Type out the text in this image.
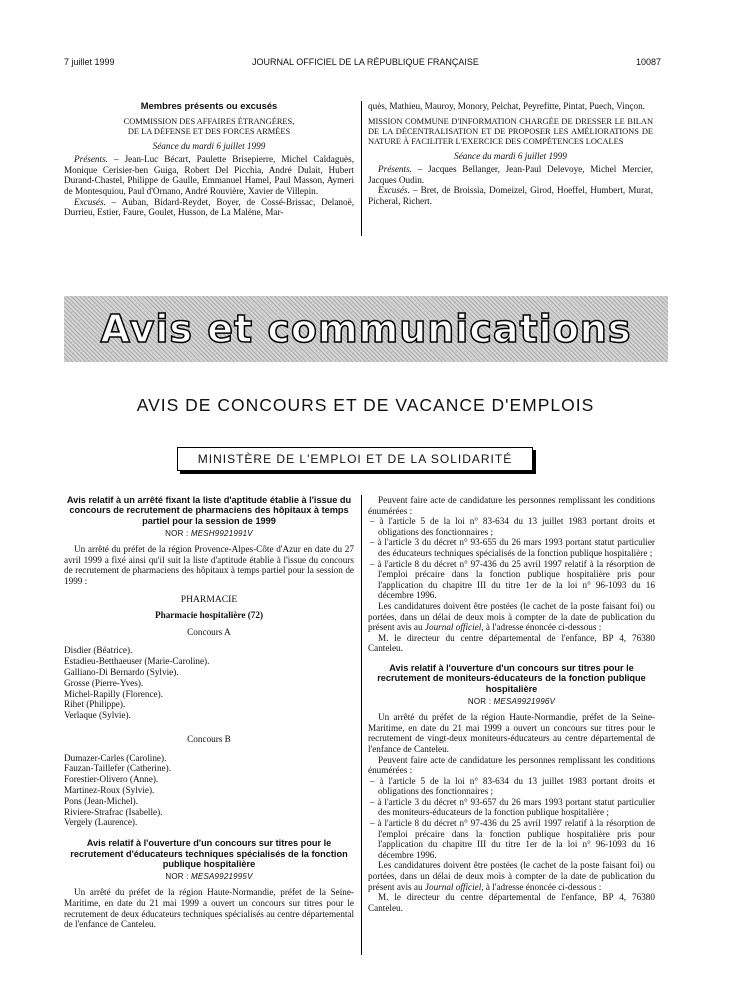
7 juillet 1999	JOURNAL OFFICIEL DE LA RÉPUBLIQUE FRANÇAISE	10087

Membres présents ou excusés

COMMISSION DES AFFAIRES ÉTRANGÈRES,

DE LA DÉFENSE ET DES FORCES ARMÉES

Séance du mardi 6 juillet 1999

Présents. – Jean-Luc Bécart, Paulette Brisepierre, Michel Caldaguès, Monique Cerisier-ben Guiga, Robert Del Picchia, André Dulait, Hubert Durand-Chastel, Philippe de Gaulle, Emmanuel Hamel, Paul Masson, Aymeri de Montesquiou, Paul d'Ornano, André Rouvière, Xavier de Villepin.

Excusés. – Auban, Bidard-Reydet, Boyer, de Cossé-Brissac, Delanoë, Durrieu, Estier, Faure, Goulet, Husson, de La Malène, Mar-

quès, Mathieu, Mauroy, Monory, Pelchat, Peyrefitte, Pintat, Puech, Vinçon.

MISSION COMMUNE D'INFORMATION CHARGÉE DE DRESSER LE BILAN DE LA DÉCENTRALISATION ET DE PROPOSER LES AMÉLIORATIONS DE NATURE À FACILITER L'EXERCICE DES COMPÉTENCES LOCALES

Séance du mardi 6 juillet 1999

Présents. – Jacques Bellanger, Jean-Paul Delevoye, Michel Mercier, Jacques Oudin.

Excusés. – Bret, de Broissia, Domeizel, Girod, Hoeffel, Humbert, Murat, Picheral, Richert.

Avis et communications
AVIS DE CONCOURS ET DE VACANCE D'EMPLOIS
MINISTÈRE DE L'EMPLOI ET DE LA SOLIDARITÉ

Avis relatif à un arrêté fixant la liste d'aptitude établie à l'issue du concours de recrutement de pharmaciens des hôpitaux à temps partiel pour la session de 1999

NOR : MESH9921991V

Un arrêté du préfet de la région Provence-Alpes-Côte d'Azur en date du 27 avril 1999 a fixé ainsi qu'il suit la liste d'aptitude établie à l'issue du concours de recrutement de pharmaciens des hôpitaux à temps partiel pour la session de 1999 :

PHARMACIE

Pharmacie hospitalière (72)

Concours A

Disdier (Béatrice).

Estadieu-Betthaeuser (Marie-Caroline).

Galliano-Di Bernardo (Sylvie).

Grosse (Pierre-Yves).

Michel-Rapilly (Florence).

Rihet (Philippe).

Verlaque (Sylvie).

Concours B

Dumazer-Carles (Caroline).

Fauzan-Taillefer (Catherine).

Forestier-Olivero (Anne).

Martinez-Roux (Sylvie).

Pons (Jean-Michel).

Riviere-Strafrac (Isabelle).

Vergely (Laurence).

Avis relatif à l'ouverture d'un concours sur titres pour le recrutement d'éducateurs techniques spécialisés de la fonction publique hospitalière

NOR : MESA9921995V

Un arrêté du préfet de la région Haute-Normandie, préfet de la Seine-Maritime, en date du 21 mai 1999 a ouvert un concours sur titres pour le recrutement de deux éducateurs techniques spécialisés au centre départemental de l'enfance de Canteleu.

Peuvent faire acte de candidature les personnes remplissant les conditions énumérées :

– à l'article 5 de la loi n° 83-634 du 13 juillet 1983 portant droits et obligations des fonctionnaires ;

– à l'article 3 du décret n° 93-655 du 26 mars 1993 portant statut particulier des éducateurs techniques spécialisés de la fonction publique hospitalière ;

– à l'article 8 du décret n° 97-436 du 25 avril 1997 relatif à la résorption de l'emploi précaire dans la fonction publique hospitalière pris pour l'application du chapitre III du titre 1er de la loi n° 96-1093 du 16 décembre 1996.

Les candidatures doivent être postées (le cachet de la poste faisant foi) ou portées, dans un délai de deux mois à compter de la date de publication du présent avis au Journal officiel, à l'adresse énoncée ci-dessous :

M. le directeur du centre départemental de l'enfance, BP 4, 76380 Canteleu.

Avis relatif à l'ouverture d'un concours sur titres pour le recrutement de moniteurs-éducateurs de la fonction publique hospitalière

NOR : MESA9921996V

Un arrêté du préfet de la région Haute-Normandie, préfet de la Seine-Maritime, en date du 21 mai 1999 a ouvert un concours sur titres pour le recrutement de vingt-deux moniteurs-éducateurs au centre départemental de l'enfance de Canteleu.

Peuvent faire acte de candidature les personnes remplissant les conditions énumérées :

– à l'article 5 de la loi n° 83-634 du 13 juillet 1983 portant droits et obligations des fonctionnaires ;

– à l'article 3 du décret n° 93-657 du 26 mars 1993 portant statut particulier des moniteurs-éducateurs de la fonction publique hospitalière ;

– à l'article 8 du décret n° 97-436 du 25 avril 1997 relatif à la résorption de l'emploi précaire dans la fonction publique hospitalière pris pour l'application du chapitre III du titre 1er de la loi n° 96-1093 du 16 décembre 1996.

Les candidatures doivent être postées (le cachet de la poste faisant foi) ou portées, dans un délai de deux mois à compter de la date de publication du présent avis au Journal officiel, à l'adresse énoncée ci-dessous :

M. le directeur du centre départemental de l'enfance, BP 4, 76380 Canteleu.
